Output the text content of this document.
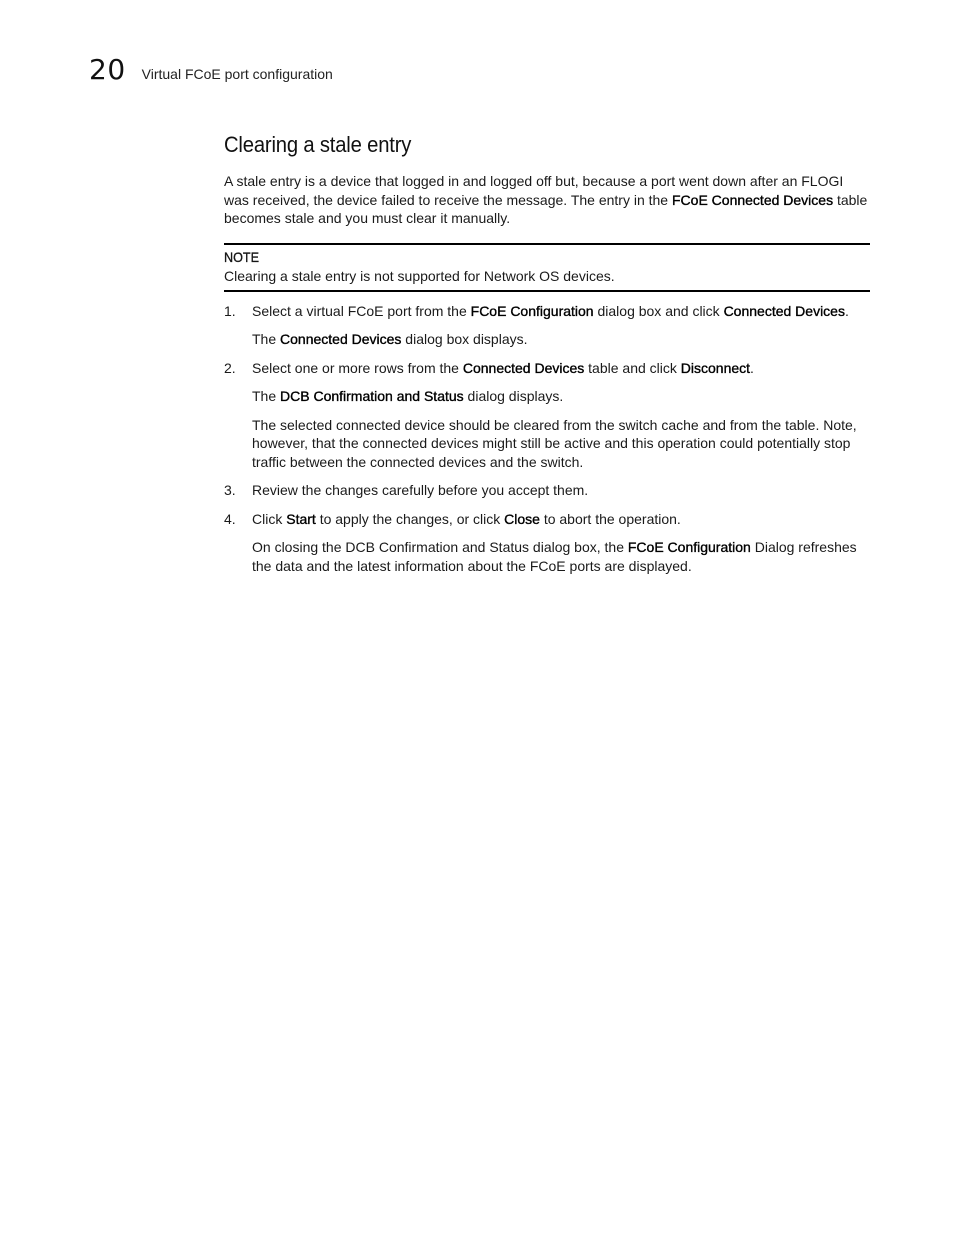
20 Virtual FCoE port configuration
Clearing a stale entry

A stale entry is a device that logged in and logged off but, because a port went down after an FLOGI was received, the device failed to receive the message. The entry in the FCoE Connected Devices table becomes stale and you must clear it manually.

NOTE
Clearing a stale entry is not supported for Network OS devices.
1. Select a virtual FCoE port from the FCoE Configuration dialog box and click Connected Devices.

The Connected Devices dialog box displays.

2. Select one or more rows from the Connected Devices table and click Disconnect.

The DCB Confirmation and Status dialog displays.

The selected connected device should be cleared from the switch cache and from the table. Note, however, that the connected devices might still be active and this operation could potentially stop traffic between the connected devices and the switch.

3. Review the changes carefully before you accept them.

4. Click Start to apply the changes, or click Close to abort the operation.

On closing the DCB Confirmation and Status dialog box, the FCoE Configuration Dialog refreshes the data and the latest information about the FCoE ports are displayed.
